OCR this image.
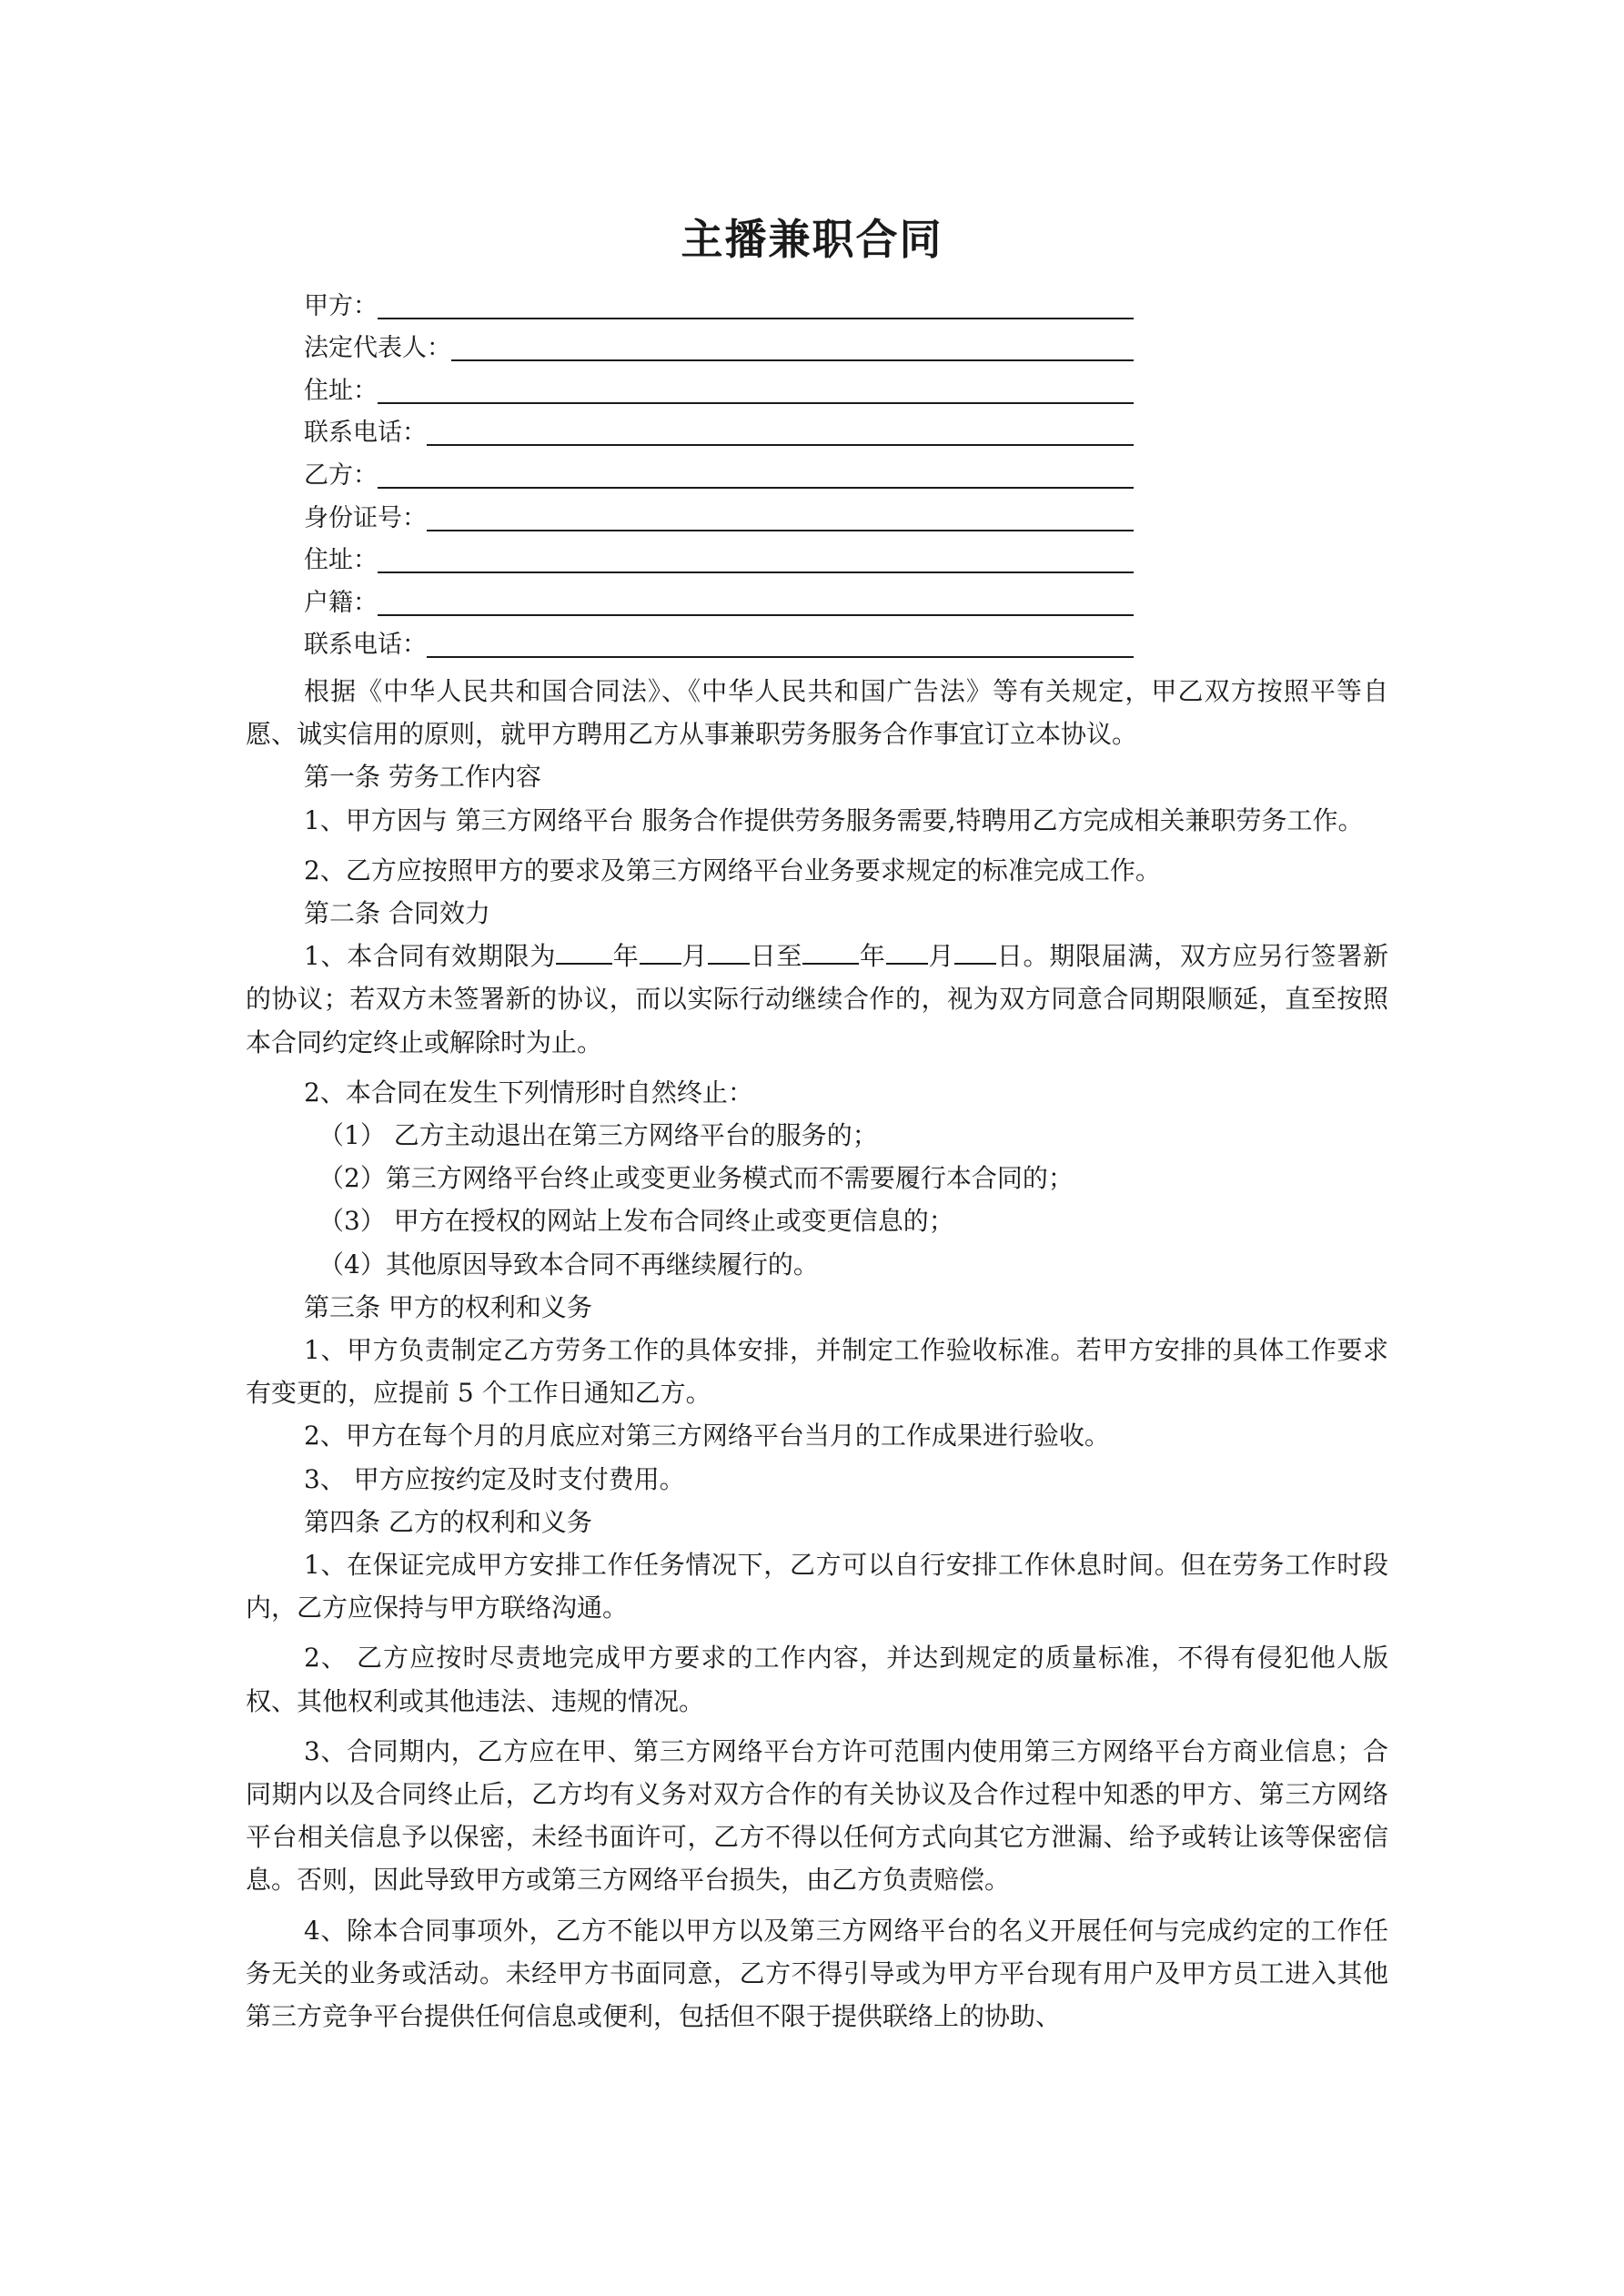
主播兼职合同
甲方：
法定代表人：
住址：
联系电话：
乙方：
身份证号：
住址：
户籍：
联系电话：

根据《中华人民共和国合同法》、《中华人民共和国广告法》等有关规定，甲乙双方按照平等自愿、诚实信用的原则，就甲方聘用乙方从事兼职劳务服务合作事宜订立本协议。

第一条 劳务工作内容

1、甲方因与 第三方网络平台 服务合作提供劳务服务需要,特聘用乙方完成相关兼职劳务工作。

2、乙方应按照甲方的要求及第三方网络平台业务要求规定的标准完成工作。

第二条 合同效力

1、本合同有效期限为 年 月 日至 年 月 日。期限届满，双方应另行签署新的协议；若双方未签署新的协议，而以实际行动继续合作的，视为双方同意合同期限顺延，直至按照本合同约定终止或解除时为止。

2、本合同在发生下列情形时自然终止：

（1） 乙方主动退出在第三方网络平台的服务的；

（2）第三方网络平台终止或变更业务模式而不需要履行本合同的；

（3） 甲方在授权的网站上发布合同终止或变更信息的；

（4）其他原因导致本合同不再继续履行的。

第三条 甲方的权利和义务

1、甲方负责制定乙方劳务工作的具体安排，并制定工作验收标准。若甲方安排的具体工作要求有变更的，应提前 5 个工作日通知乙方。

2、甲方在每个月的月底应对第三方网络平台当月的工作成果进行验收。

3、 甲方应按约定及时支付费用。

第四条 乙方的权利和义务

1、在保证完成甲方安排工作任务情况下，乙方可以自行安排工作休息时间。但在劳务工作时段内，乙方应保持与甲方联络沟通。

2、 乙方应按时尽责地完成甲方要求的工作内容，并达到规定的质量标准，不得有侵犯他人版权、其他权利或其他违法、违规的情况。

3、合同期内，乙方应在甲、第三方网络平台方许可范围内使用第三方网络平台方商业信息；合同期内以及合同终止后，乙方均有义务对双方合作的有关协议及合作过程中知悉的甲方、第三方网络平台相关信息予以保密，未经书面许可，乙方不得以任何方式向其它方泄漏、给予或转让该等保密信息。否则，因此导致甲方或第三方网络平台损失，由乙方负责赔偿。

4、除本合同事项外，乙方不能以甲方以及第三方网络平台的名义开展任何与完成约定的工作任务无关的业务或活动。未经甲方书面同意，乙方不得引导或为甲方平台现有用户及甲方员工进入其他第三方竞争平台提供任何信息或便利，包括但不限于提供联络上的协助、
